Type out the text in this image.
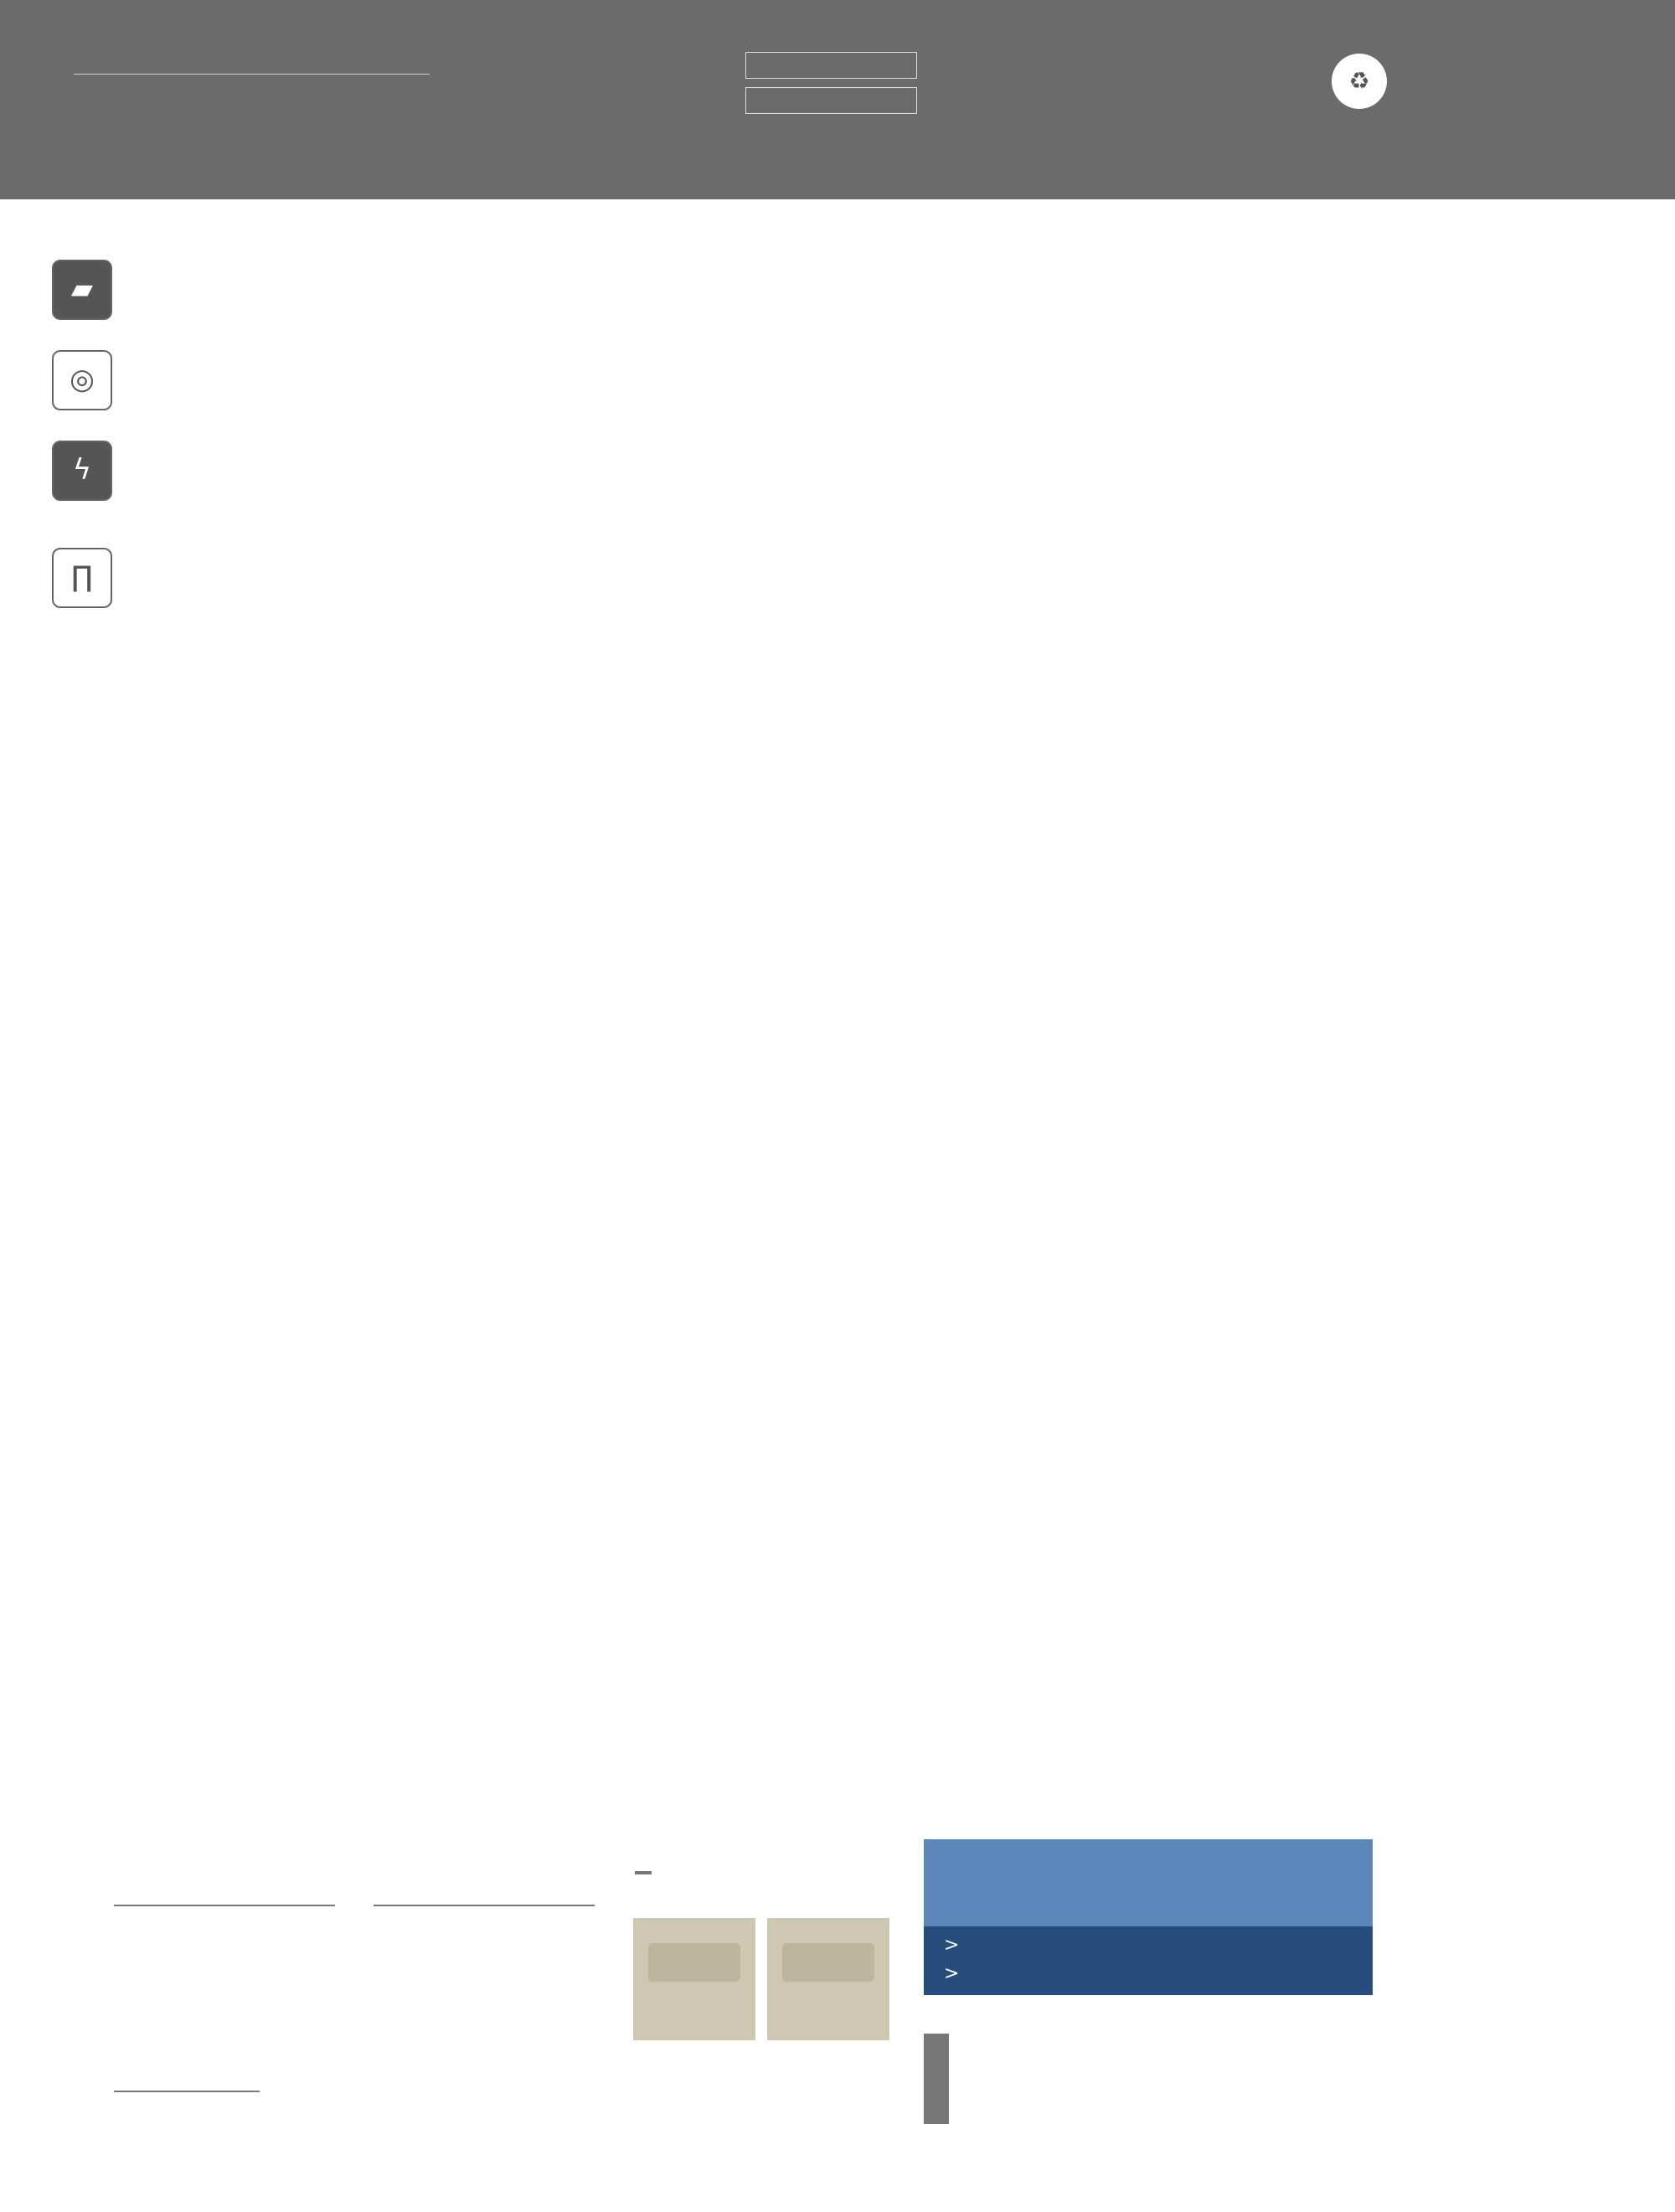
♻
▰
◎
ϟ
∏
>
>
